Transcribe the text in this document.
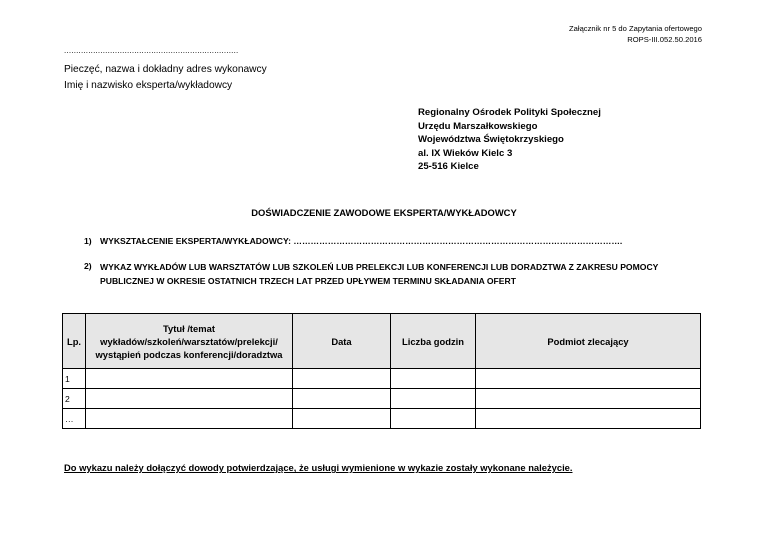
Załącznik nr 5 do Zapytania ofertowego
ROPS-III.052.50.2016
........................................................................
Pieczęć, nazwa i dokładny adres wykonawcy
Imię i nazwisko eksperta/wykładowcy
Regionalny Ośrodek Polityki Społecznej
Urzędu Marszałkowskiego
Województwa Świętokrzyskiego
al. IX Wieków Kielc 3
25-516 Kielce
DOŚWIADCZENIE ZAWODOWE EKSPERTA/WYKŁADOWCY
1) WYKSZTAŁCENIE EKSPERTA/WYKŁADOWCY: …………………………………………………………………………………………………….
2) WYKAZ WYKŁADÓW LUB WARSZTATÓW LUB SZKOLEŃ LUB PRELEKCJI LUB KONFERENCJI LUB DORADZTWA Z ZAKRESU POMOCY
PUBLICZNEJ W OKRESIE OSTATNICH TRZECH LAT PRZED UPŁYWEM TERMINU SKŁADANIA OFERT
Lp.	Tytuł /temat
wykładów/szkoleń/warsztatów/prelekcji/
wystąpień podczas konferencji/doradztwa	Data	Liczba godzin	Podmiot zlecający
1				
2				
…				
Do wykazu należy dołączyć dowody potwierdzające, że usługi wymienione w wykazie zostały wykonane należycie.
